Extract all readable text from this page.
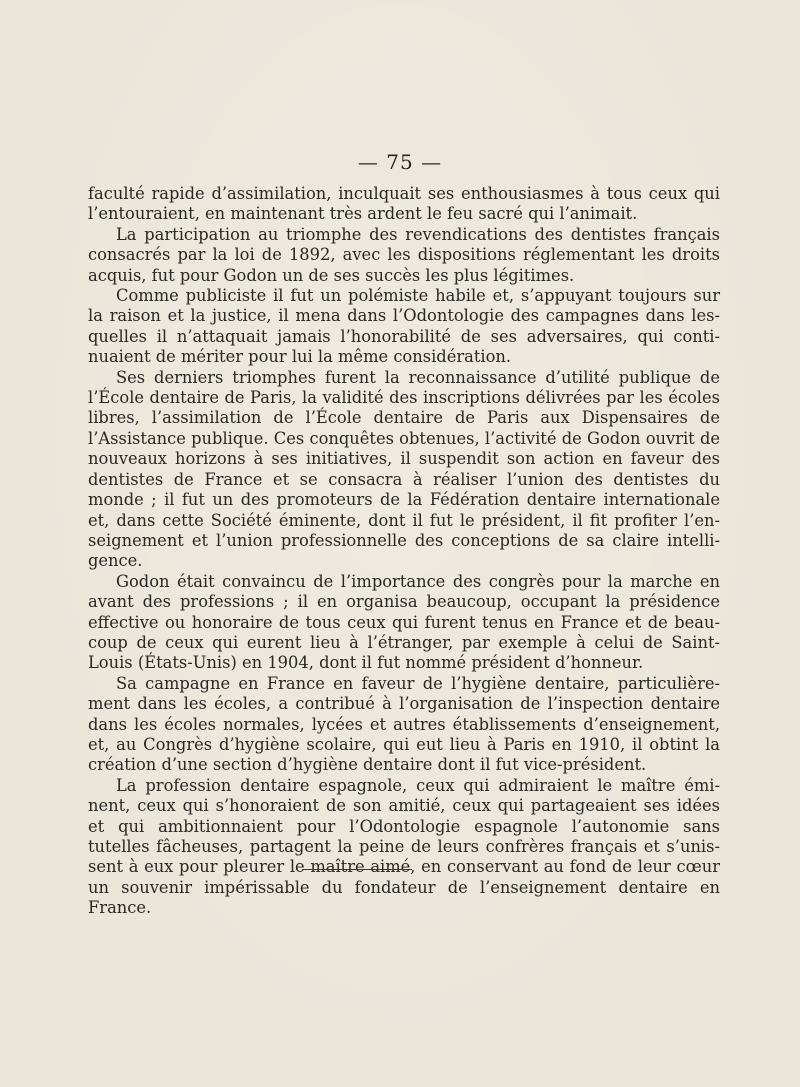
— 75 —

faculté rapide d’assimilation, inculquait ses enthousiasmes à tous ceux qui l’entouraient, en maintenant très ardent le feu sacré qui l’animait.

La participation au triomphe des revendications des dentistes français consacrés par la loi de 1892, avec les dispositions réglementant les droits acquis, fut pour Godon un de ses succès les plus légitimes.

Comme publiciste il fut un polémiste habile et, s’appuyant toujours sur la raison et la justice, il mena dans l’Odontologie des campagnes dans les-quelles il n’attaquait jamais l’honorabilité de ses adversaires, qui conti-nuaient de mériter pour lui la même considération.

Ses derniers triomphes furent la reconnaissance d’utilité publique de l’École dentaire de Paris, la validité des inscriptions délivrées par les écoles libres, l’assimilation de l’École dentaire de Paris aux Dispensaires de l’Assistance publique. Ces conquêtes obtenues, l’activité de Godon ouvrit de nouveaux horizons à ses initiatives, il suspendit son action en faveur des dentistes de France et se consacra à réaliser l’union des dentistes du monde ; il fut un des promoteurs de la Fédération dentaire internationale et, dans cette Société éminente, dont il fut le président, il fit profiter l’en-seignement et l’union professionnelle des conceptions de sa claire intelli-gence.

Godon était convaincu de l’importance des congrès pour la marche en avant des professions ; il en organisa beaucoup, occupant la présidence effective ou honoraire de tous ceux qui furent tenus en France et de beau-coup de ceux qui eurent lieu à l’étranger, par exemple à celui de Saint-Louis (États-Unis) en 1904, dont il fut nommé président d’honneur.

Sa campagne en France en faveur de l’hygiène dentaire, particulière-ment dans les écoles, a contribué à l’organisation de l’inspection dentaire dans les écoles normales, lycées et autres établissements d’enseignement, et, au Congrès d’hygiène scolaire, qui eut lieu à Paris en 1910, il obtint la création d’une section d’hygiène dentaire dont il fut vice-président.

La profession dentaire espagnole, ceux qui admiraient le maître émi-nent, ceux qui s’honoraient de son amitié, ceux qui partageaient ses idées et qui ambitionnaient pour l’Odontologie espagnole l’autonomie sans tutelles fâcheuses, partagent la peine de leurs confrères français et s’unis-sent à eux pour pleurer le maître aimé, en conservant au fond de leur cœur un souvenir impérissable du fondateur de l’enseignement dentaire en France.
